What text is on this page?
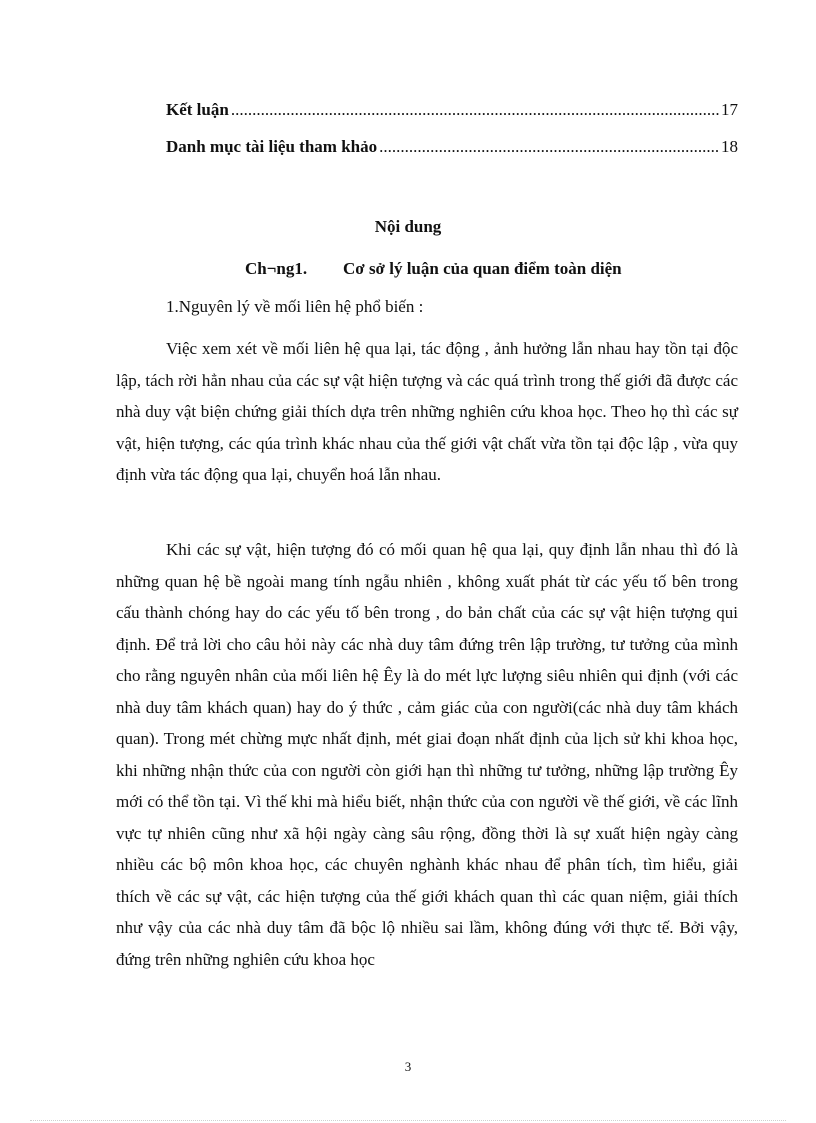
Kết luận .....	17
Danh mục tài liệu tham khảo .....	18
Nội dung
Ch¬ng1. Cơ sở lý luận của quan điểm toàn diện
1.Nguyên lý về mối liên hệ phổ biến :

Việc xem xét về mối liên hệ qua lại, tác động , ảnh hưởng lẫn nhau hay tồn tại độc lập, tách rời hẳn nhau của các sự vật hiện tượng và các quá trình trong thế giới đã được các nhà duy vật biện chứng giải thích dựa trên những nghiên cứu khoa học. Theo họ thì các sự vật, hiện tượng, các qúa trình khác nhau của thế giới vật chất vừa tồn tại độc lập , vừa quy định vừa tác động qua lại, chuyển hoá lẫn nhau.

Khi các sự vật, hiện tượng đó có mối quan hệ qua lại, quy định lẫn nhau thì đó là những quan hệ bề ngoài mang tính ngẫu nhiên , không xuất phát từ các yếu tố bên trong cấu thành chóng hay do các yếu tố bên trong , do bản chất của các sự vật hiện tượng qui định. Để trả lời cho câu hỏi này các nhà duy tâm đứng trên lập trường, tư tưởng của mình cho rằng nguyên nhân của mối liên hệ Êy là do mét lực lượng siêu nhiên qui định (với các nhà duy tâm khách quan) hay do ý thức , cảm giác của con người(các nhà duy tâm khách quan). Trong mét chừng mực nhất định, mét giai đoạn nhất định của lịch sử khi khoa học, khi những nhận thức của con người còn giới hạn thì những tư tưởng, những lập trường Êy mới có thể tồn tại. Vì thế khi mà hiểu biết, nhận thức của con người về thế giới, về các lĩnh vực tự nhiên cũng như xã hội ngày càng sâu rộng, đồng thời là sự xuất hiện ngày càng nhiều các bộ môn khoa học, các chuyên nghành khác nhau để phân tích, tìm hiểu, giải thích về các sự vật, các hiện tượng của thế giới khách quan thì các quan niệm, giải thích như vậy của các nhà duy tâm đã bộc lộ nhiều sai lầm, không đúng với thực tế. Bởi vậy, đứng trên những nghiên cứu khoa học

3
